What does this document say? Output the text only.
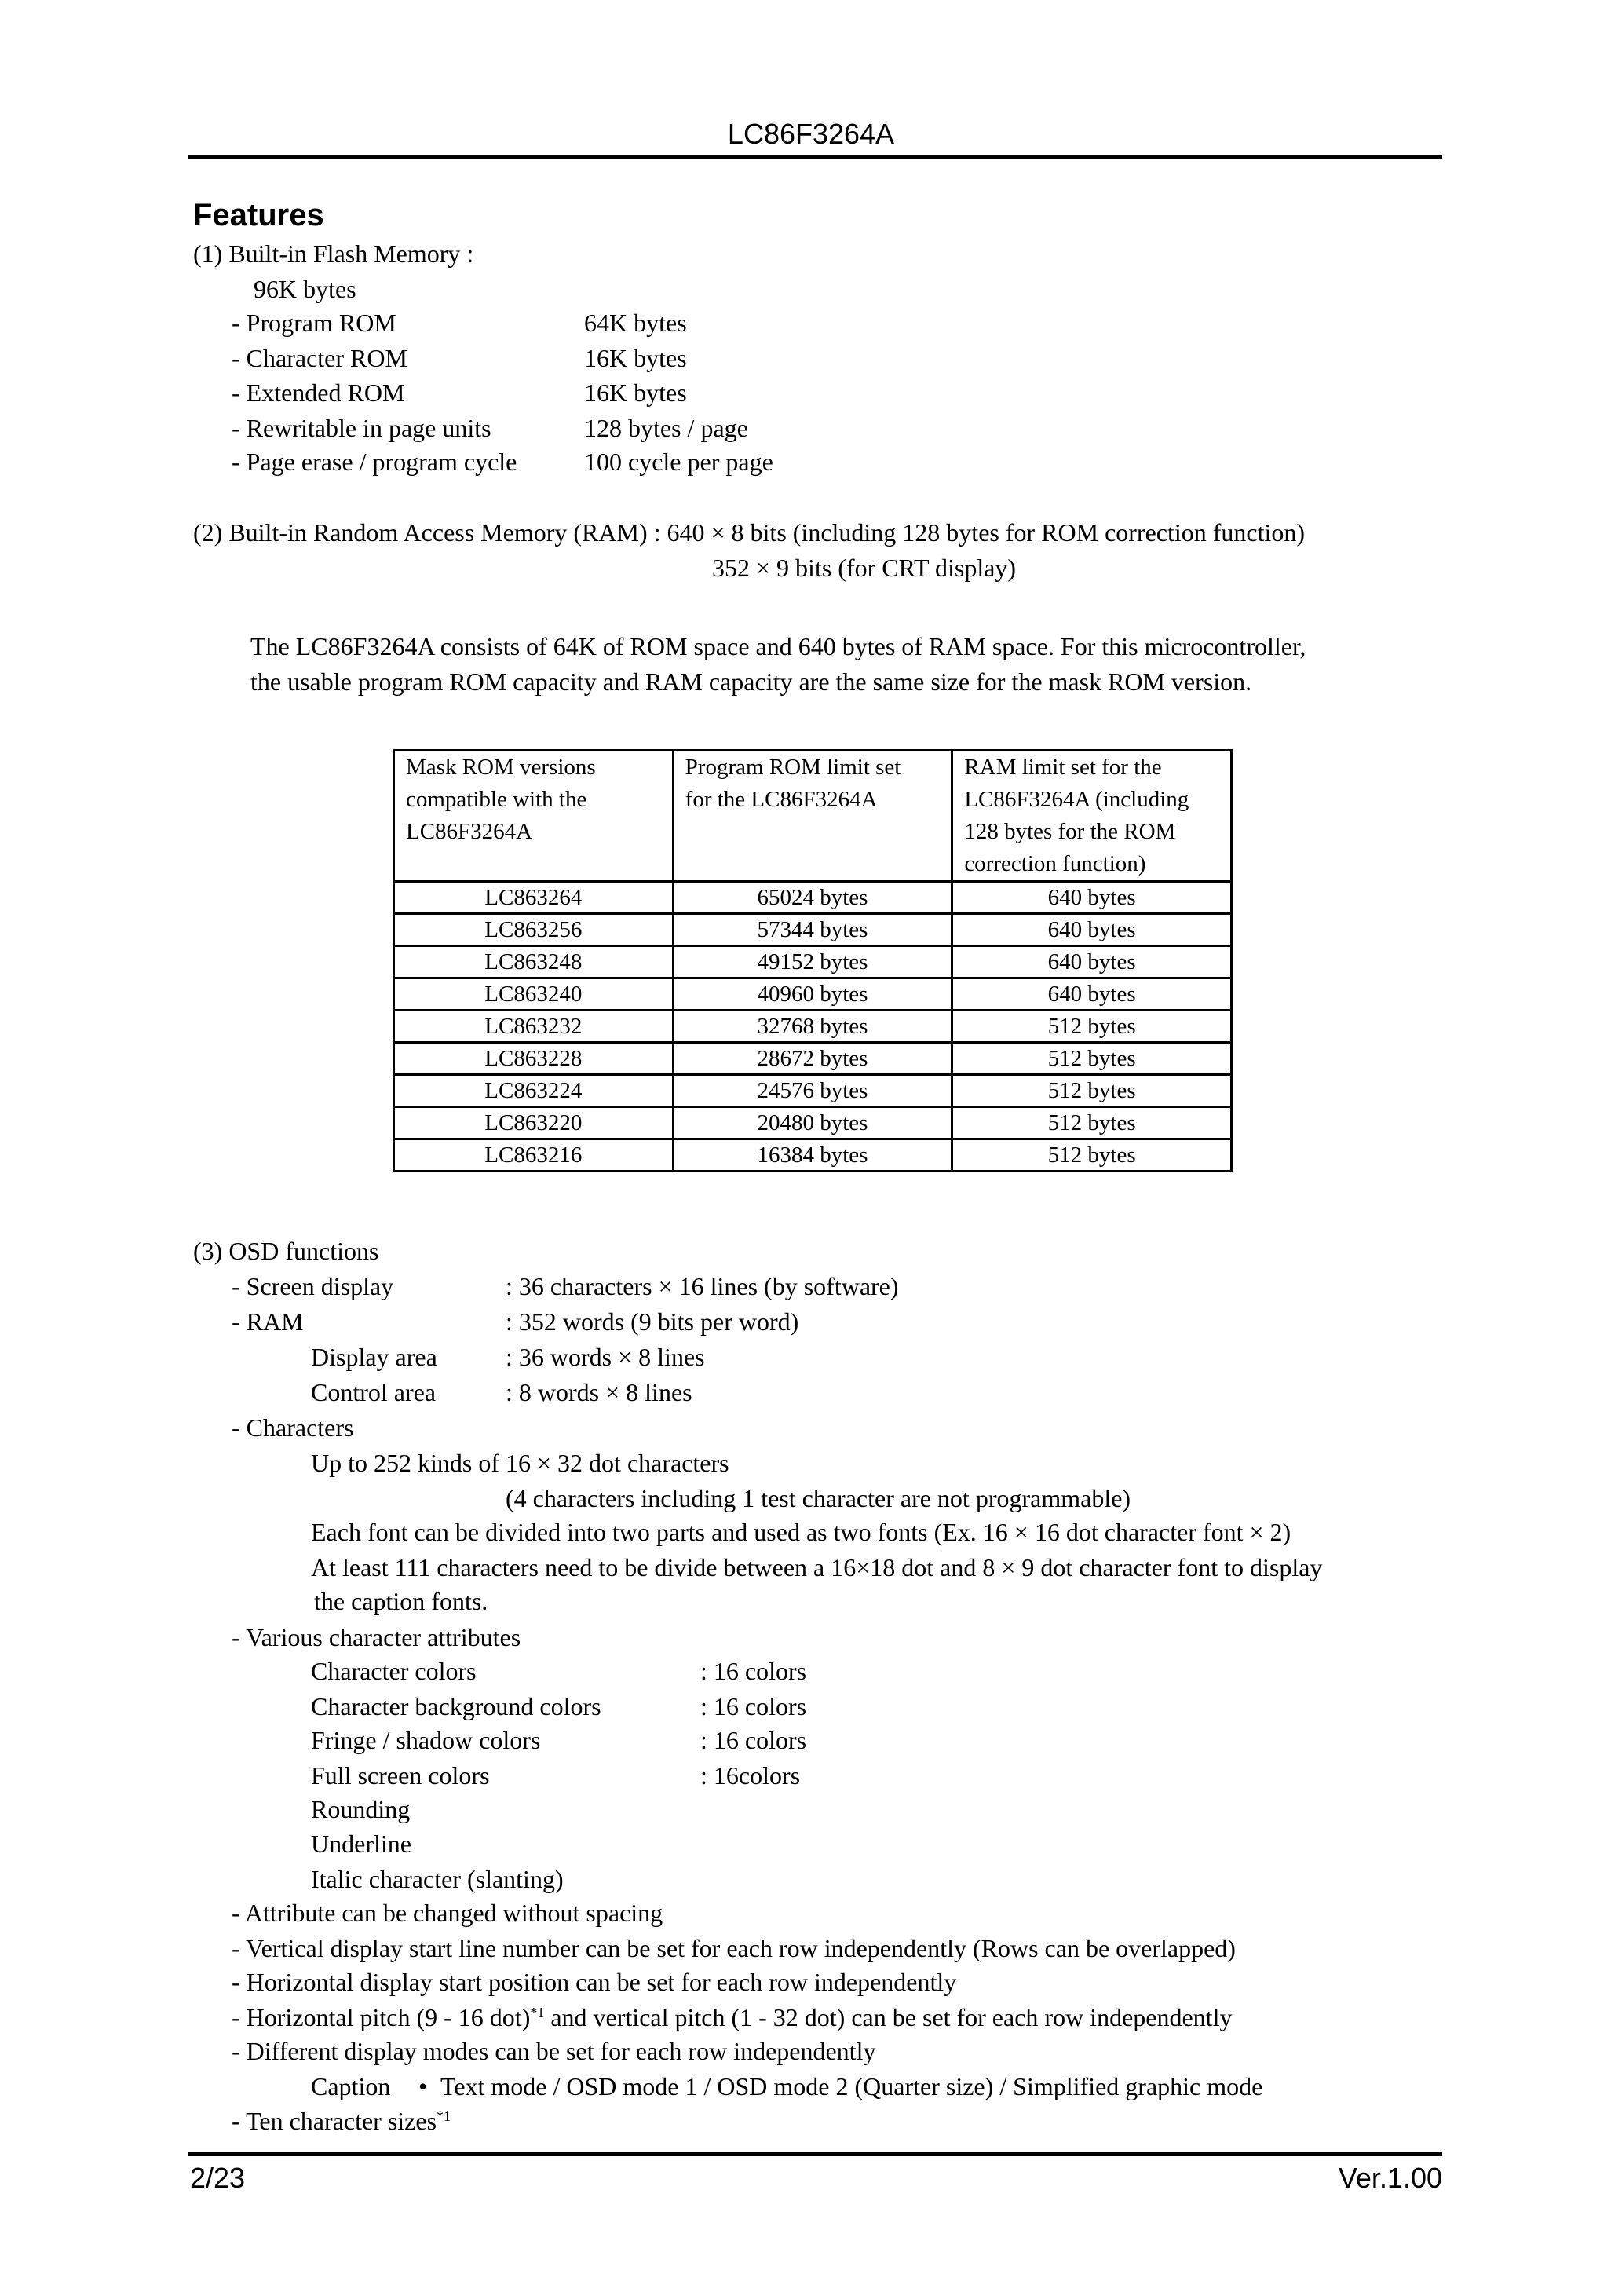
LC86F3264A
Features
(1) Built-in Flash Memory :
96K bytes
- Program ROM	64K bytes
- Character ROM	16K bytes
- Extended ROM	16K bytes
- Rewritable in page units	128 bytes / page
- Page erase / program cycle	100 cycle per page
(2) Built-in Random Access Memory (RAM) : 640 × 8 bits (including 128 bytes for ROM correction function)
352 × 9 bits (for CRT display)
The LC86F3264A consists of 64K of ROM space and 640 bytes of RAM space. For this microcontroller,
the usable program ROM capacity and RAM capacity are the same size for the mask ROM version.
Mask ROM versions
compatible with the
LC86F3264A	Program ROM limit set
for the LC86F3264A	RAM limit set for the
LC86F3264A (including
128 bytes for the ROM
correction function)
LC863264	65024 bytes	640 bytes
LC863256	57344 bytes	640 bytes
LC863248	49152 bytes	640 bytes
LC863240	40960 bytes	640 bytes
LC863232	32768 bytes	512 bytes
LC863228	28672 bytes	512 bytes
LC863224	24576 bytes	512 bytes
LC863220	20480 bytes	512 bytes
LC863216	16384 bytes	512 bytes
(3) OSD functions
- Screen display	: 36 characters × 16 lines (by software)
- RAM	: 352 words (9 bits per word)
Display area	: 36 words × 8 lines
Control area	: 8 words × 8 lines
- Characters
Up to 252 kinds of 16 × 32 dot characters
(4 characters including 1 test character are not programmable)
Each font can be divided into two parts and used as two fonts (Ex. 16 × 16 dot character font × 2)
At least 111 characters need to be divide between a 16×18 dot and 8 × 9 dot character font to display
the caption fonts.
- Various character attributes
Character colors	: 16 colors
Character background colors	: 16 colors
Fringe / shadow colors	: 16 colors
Full screen colors	: 16colors
Rounding
Underline
Italic character (slanting)
- Attribute can be changed without spacing
- Vertical display start line number can be set for each row independently (Rows can be overlapped)
- Horizontal display start position can be set for each row independently
- Horizontal pitch (9 - 16 dot)$^{*1}$ and vertical pitch (1 - 32 dot) can be set for each row independently
- Different display modes can be set for each row independently
Caption • Text mode / OSD mode 1 / OSD mode 2 (Quarter size) / Simplified graphic mode
- Ten character sizes$^{*1}$
2/23	Ver.1.00
